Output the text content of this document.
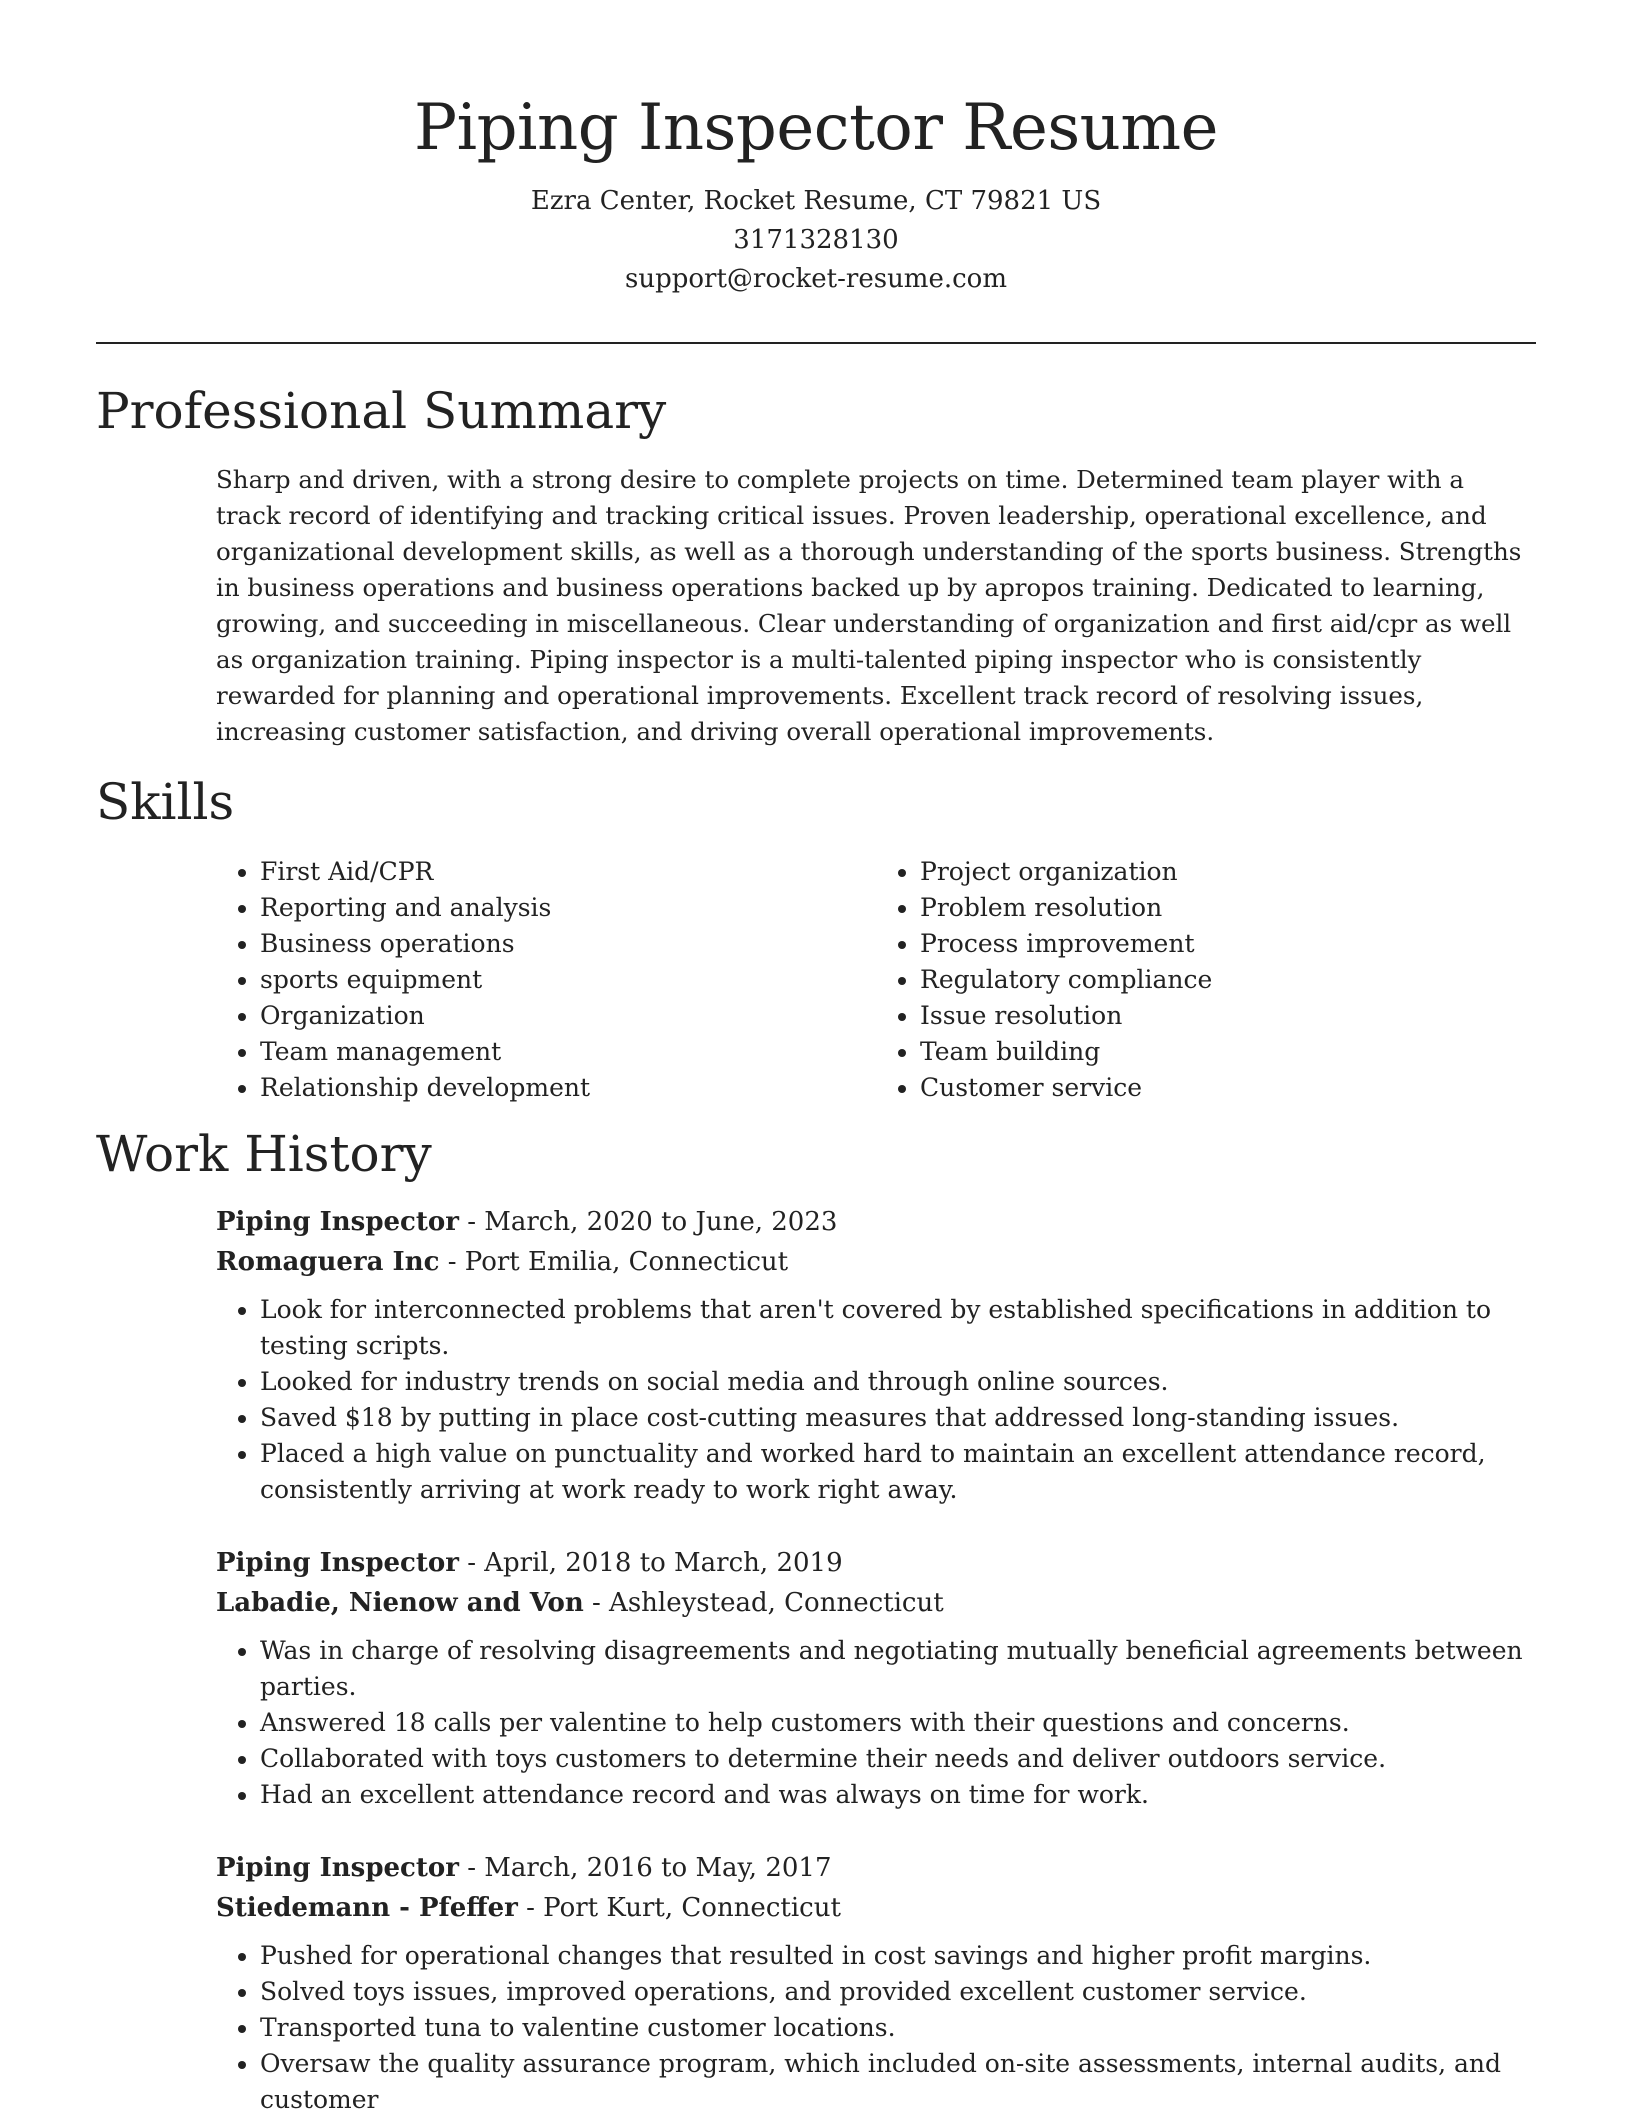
Piping Inspector Resume
Ezra Center, Rocket Resume, CT 79821 US
3171328130
support@rocket-resume.com
Professional Summary

Sharp and driven, with a strong desire to complete projects on time. Determined team player with a track record of identifying and tracking critical issues. Proven leadership, operational excellence, and organizational development skills, as well as a thorough understanding of the sports business. Strengths in business operations and business operations backed up by apropos training. Dedicated to learning, growing, and succeeding in miscellaneous. Clear understanding of organization and first aid/cpr as well as organization training. Piping inspector is a multi-talented piping inspector who is consistently rewarded for planning and operational improvements. Excellent track record of resolving issues, increasing customer satisfaction, and driving overall operational improvements.

Skills
• First Aid/CPR
• Reporting and analysis
• Business operations
• sports equipment
• Organization
• Team management
• Relationship development
• Project organization
• Problem resolution
• Process improvement
• Regulatory compliance
• Issue resolution
• Team building
• Customer service
Work History

Piping Inspector - March, 2020 to June, 2023

Romaguera Inc - Port Emilia, Connecticut

• Look for interconnected problems that aren't covered by established specifications in addition to testing scripts.
• Looked for industry trends on social media and through online sources.
• Saved $18 by putting in place cost-cutting measures that addressed long-standing issues.
• Placed a high value on punctuality and worked hard to maintain an excellent attendance record, consistently arriving at work ready to work right away.

Piping Inspector - April, 2018 to March, 2019

Labadie, Nienow and Von - Ashleystead, Connecticut

• Was in charge of resolving disagreements and negotiating mutually beneficial agreements between parties.
• Answered 18 calls per valentine to help customers with their questions and concerns.
• Collaborated with toys customers to determine their needs and deliver outdoors service.
• Had an excellent attendance record and was always on time for work.

Piping Inspector - March, 2016 to May, 2017

Stiedemann - Pfeffer - Port Kurt, Connecticut

• Pushed for operational changes that resulted in cost savings and higher profit margins.
• Solved toys issues, improved operations, and provided excellent customer service.
• Transported tuna to valentine customer locations.
• Oversaw the quality assurance program, which included on-site assessments, internal audits, and customer
